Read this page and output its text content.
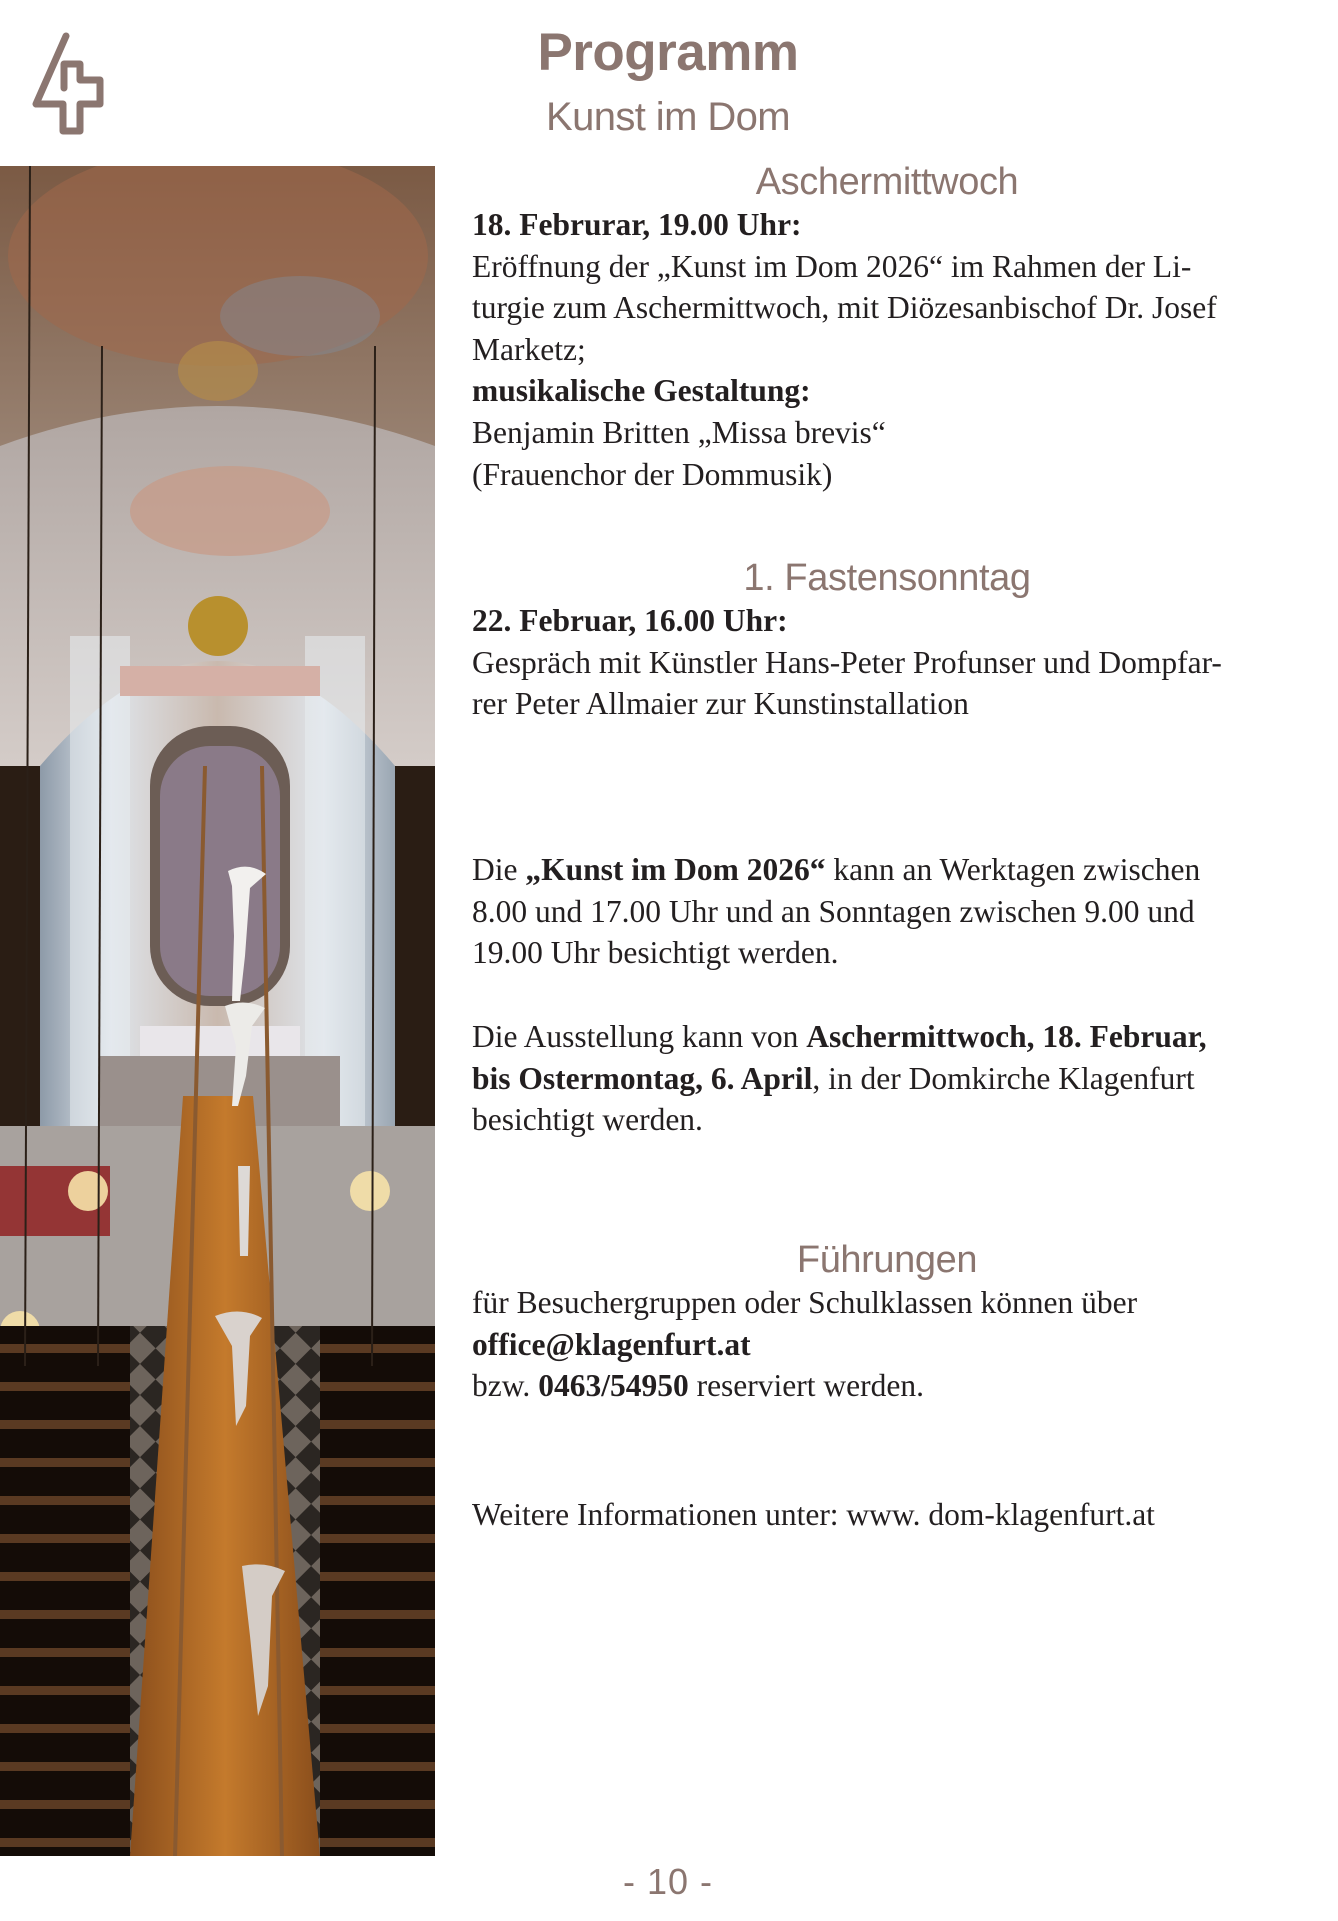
Programm
Kunst im Dom
Aschermittwoch

18. Februrar, 19.00 Uhr:

Eröffnung der „Kunst im Dom 2026“ im Rahmen der Li-

turgie zum Aschermittwoch, mit Diözesanbischof Dr. Josef

Marketz;

musikalische Gestaltung:

Benjamin Britten „Missa brevis“

(Frauenchor der Dommusik)

1. Fastensonntag

22. Februar, 16.00 Uhr:

Gespräch mit Künstler Hans-Peter Profunser und Dompfar-

rer Peter Allmaier zur Kunstinstallation

Die „Kunst im Dom 2026“ kann an Werktagen zwischen

8.00 und 17.00 Uhr und an Sonntagen zwischen 9.00 und

19.00 Uhr besichtigt werden.

Die Ausstellung kann von Aschermittwoch, 18. Februar,

bis Ostermontag, 6. April, in der Domkirche Klagenfurt

besichtigt werden.

Führungen

für Besuchergruppen oder Schulklassen können über

office@klagenfurt.at

bzw. 0463/54950 reserviert werden.

Weitere Informationen unter: www. dom-klagenfurt.at

- 10 -
